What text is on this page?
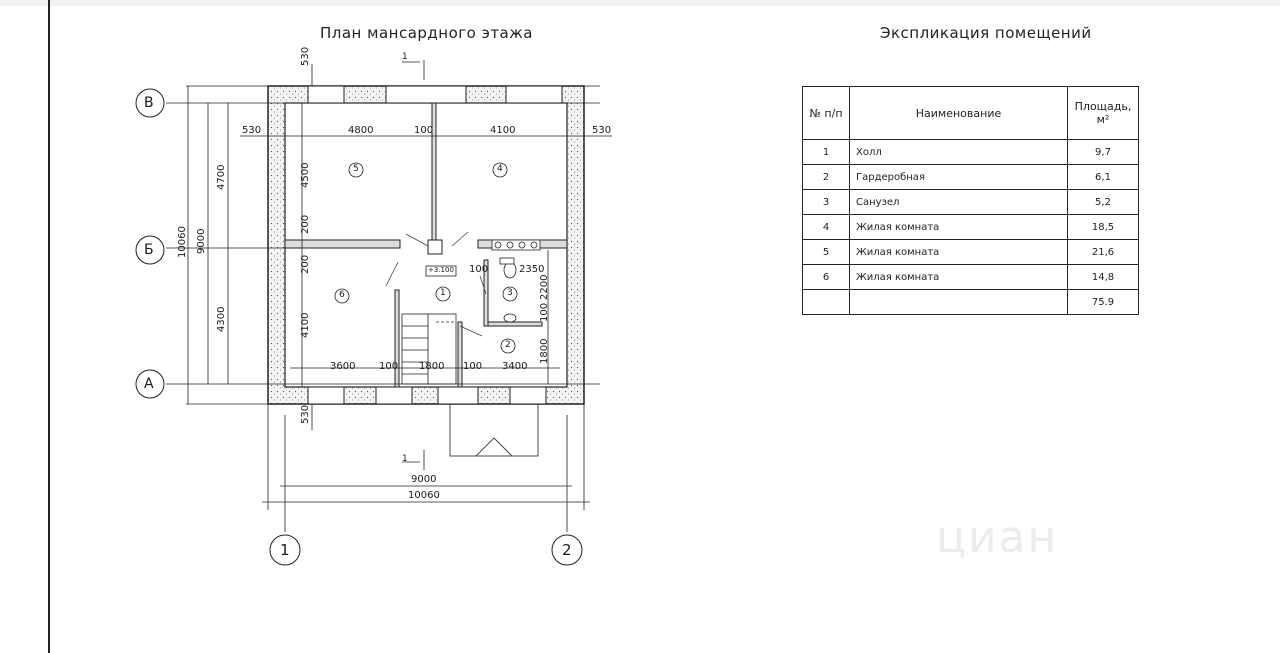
План мансардного этажа	Экспликация помещений
циан
В
Б
А
1	2
1
1
530
530
530	530
4800	100	4100
4500
200
200
4100
3600 100 1800 100 3400
100	2350
2200
100
1800
4700
4300
9000
10060
9000
10060
+3.100
5	4
6	1	3
2
№ п/п	Наименование	Площадь, м²
1	Холл	9,7
2	Гардеробная	6,1
3	Санузел	5,2
4	Жилая комната	18,5
5	Жилая комната	21,6
6	Жилая комната	14,8
		75.9
